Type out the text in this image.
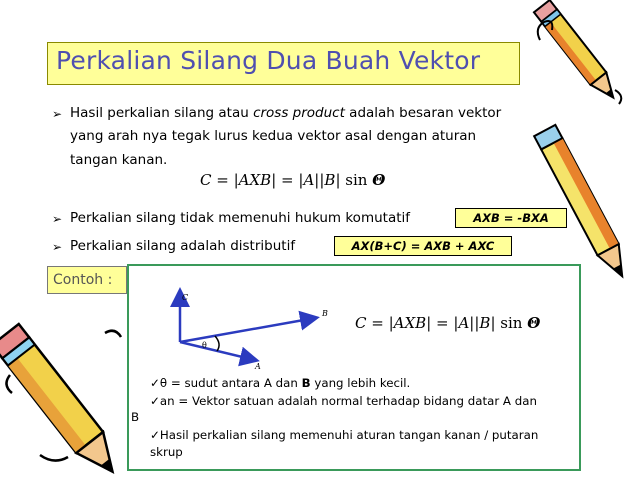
Perkalian Silang Dua Buah Vektor
➢ Hasil perkalian silang atau cross product adalah besaran vektor
yang arah nya tegak lurus kedua vektor asal dengan aturan
tangan kanan.
C = |AXB| = |A||B| sin Θ
➢ Perkalian silang tidak memenuhi hukum komutatif	AXB = -BXA
➢ Perkalian silang adalah distributif	AX(B+C) = AXB + AXC
Contoh :
C
B
A
θ
C = |AXB| = |A||B| sin Θ
✓θ = sudut antara A dan B yang lebih kecil.
✓an = Vektor satuan adalah normal terhadap bidang datar A dan
B
✓Hasil perkalian silang memenuhi aturan tangan kanan / putaran
skrup
